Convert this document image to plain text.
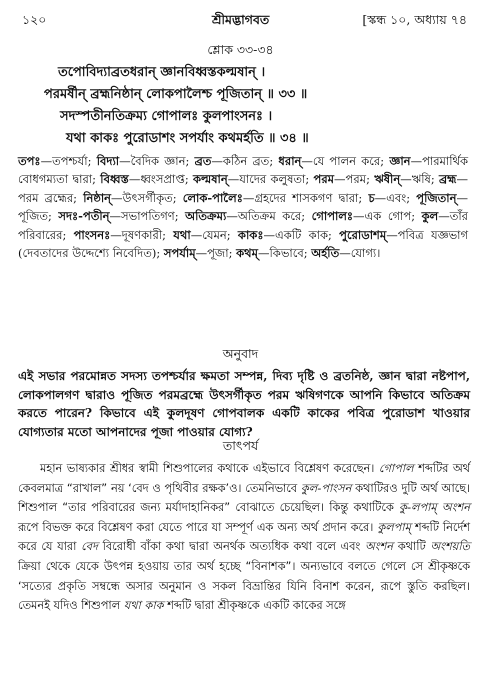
১২০	শ্রীমদ্ভাগবত	[স্কন্ধ ১০, অধ্যায় ৭৪
শ্লোক ৩৩-৩৪
তপোবিদ্যাব্রতধরান্ জ্ঞানবিধ্বস্তকল্মষান্ ।
পরমর্ষীন্ ব্রহ্মনিষ্ঠান্ লোকপালৈশ্চ পূজিতান্ ॥ ৩৩ ॥
সদস্পতীনতিক্রম্য গোপালঃ কুলপাংসনঃ ।
যথা কাকঃ পুরোডাশং সপর্যাং কথমর্হতি ॥ ৩৪ ॥
তপঃ—তপশ্চর্যা; বিদ্যা—বৈদিক জ্ঞান; ব্রত—কঠিন ব্রত; ধরান্—যে পালন করে; জ্ঞান—পারমার্থিক বোধগম্যতা দ্বারা; বিধ্বস্ত—ধ্বংসপ্রাপ্ত; কল্মষান্—যাদের কলুষতা; পরম—পরম; ঋষীন্—ঋষি; ব্রহ্ম—পরম ব্রহ্মের; নিষ্ঠান্—উৎসর্গীকৃত; লোক-পালৈঃ—গ্রহদের শাসকগণ দ্বারা; চ—এবং; পূজিতান্—পূজিত; সদঃ-পতীন্—সভাপতিগণ; অতিক্রম্য—অতিক্রম করে; গোপালঃ—এক গোপ; কুল—তাঁর পরিবারের; পাংসনঃ—দূষণকারী; যথা—যেমন; কাকঃ—একটি কাক; পুরোডাশম্—পবিত্র যজ্ঞভাগ (দেবতাদের উদ্দেশ্যে নিবেদিত); সপর্যাম্—পূজা; কথম্—কিভাবে; অর্হতি—যোগ্য।
অনুবাদ
এই সভার পরমোন্নত সদস্য তপশ্চর্যার ক্ষমতা সম্পন্ন, দিব্য দৃষ্টি ও ব্রতনিষ্ঠ, জ্ঞান দ্বারা নষ্টপাপ, লোকপালগণ দ্বারাও পূজিত পরমব্রহ্মে উৎসর্গীকৃত পরম ঋষিগণকে আপনি কিভাবে অতিক্রম করতে পারেন? কিভাবে এই কুলদূষণ গোপবালক একটি কাকের পবিত্র পুরোডাশ খাওয়ার যোগ্যতার মতো আপনাদের পূজা পাওয়ার যোগ্য?
তাৎপর্য
মহান ভাষ্যকার শ্রীধর স্বামী শিশুপালের কথাকে এইভাবে বিশ্লেষণ করেছেন। গোপাল শব্দটির অর্থ কেবলমাত্র “রাখাল” নয় ‘বেদ ও পৃথিবীর রক্ষক’ও। তেমনিভাবে কুল-পাংসন কথাটিরও দুটি অর্থ আছে। শিশুপাল “তার পরিবারের জন্য মর্যাদাহানিকর” বোঝাতে চেয়েছিল। কিন্তু কথাটিকে কু-লপাম্ অংশন রূপে বিভক্ত করে বিশ্লেষণ করা যেতে পারে যা সম্পূর্ণ এক অন্য অর্থ প্রদান করে। কুলপাম্ শব্দটি নির্দেশ করে যে যারা বেদ বিরোধী বাঁকা কথা দ্বারা অনর্থক অত্যধিক কথা বলে এবং অংশন কথাটি অংশয়তি ক্রিয়া থেকে যেকে উৎপন্ন হওয়ায় তার অর্থ হচ্ছে “বিনাশক”। অন্যভাবে বলতে গেলে সে শ্রীকৃষ্ণকে ‘সত্যের প্রকৃতি সম্বন্ধে অসার অনুমান ও সকল বিভ্রান্তির যিনি বিনাশ করেন, রূপে স্তুতি করছিল। তেমনই যদিও শিশুপাল যথা কাক শব্দটি দ্বারা শ্রীকৃষ্ণকে একটি কাকের সঙ্গে
